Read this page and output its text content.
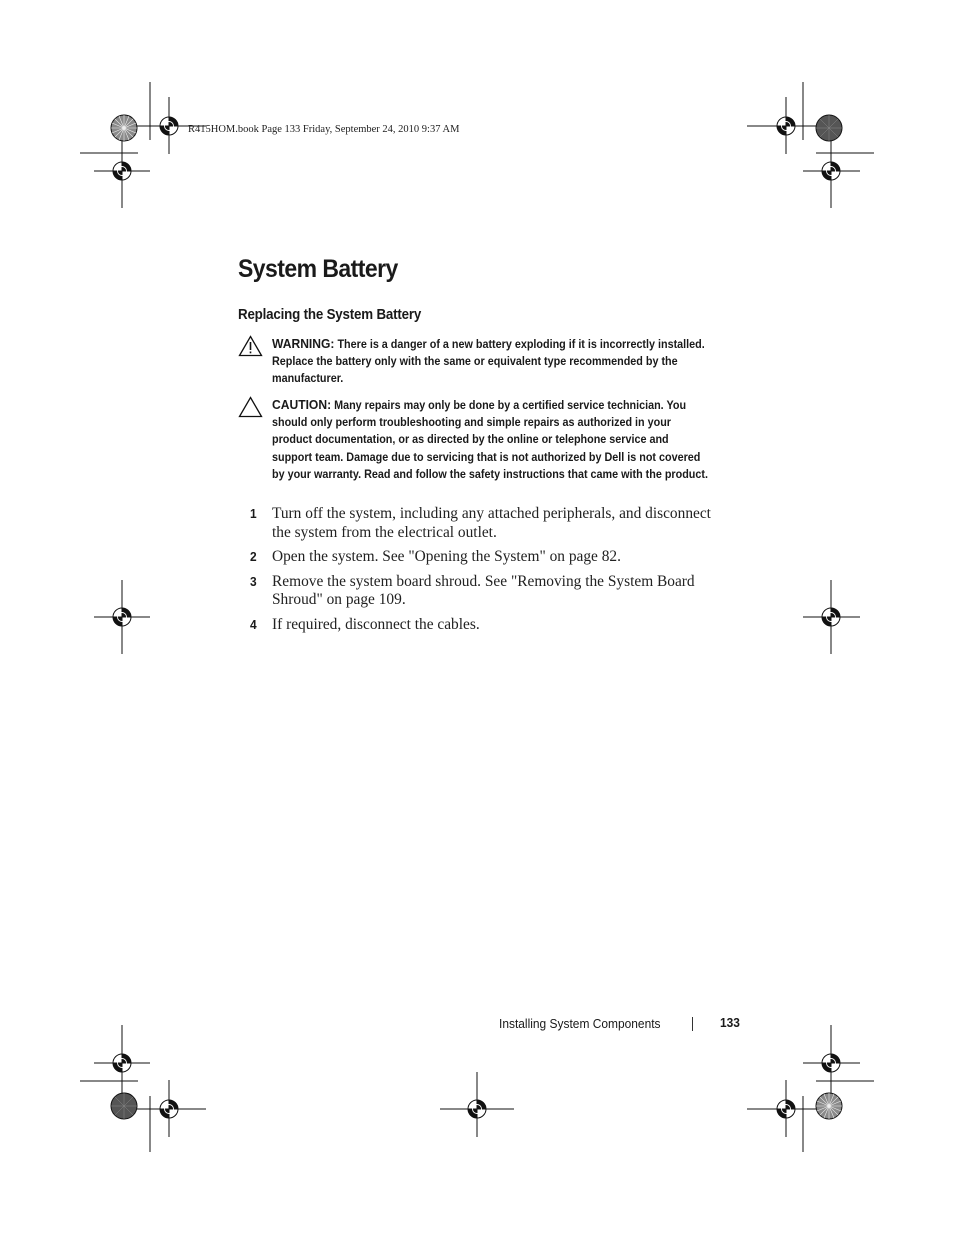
R415HOM.book Page 133 Friday, September 24, 2010 9:37 AM
System Battery
Replacing the System Battery
WARNING: There is a danger of a new battery exploding if it is incorrectly installed. Replace the battery only with the same or equivalent type recommended by the manufacturer.
CAUTION: Many repairs may only be done by a certified service technician. You should only perform troubleshooting and simple repairs as authorized in your product documentation, or as directed by the online or telephone service and support team. Damage due to servicing that is not authorized by Dell is not covered by your warranty. Read and follow the safety instructions that came with the product.
1 Turn off the system, including any attached peripherals, and disconnect the system from the electrical outlet.
2 Open the system. See "Opening the System" on page 82.
3 Remove the system board shroud. See "Removing the System Board Shroud" on page 109.
4 If required, disconnect the cables.
Installing System Components	133
